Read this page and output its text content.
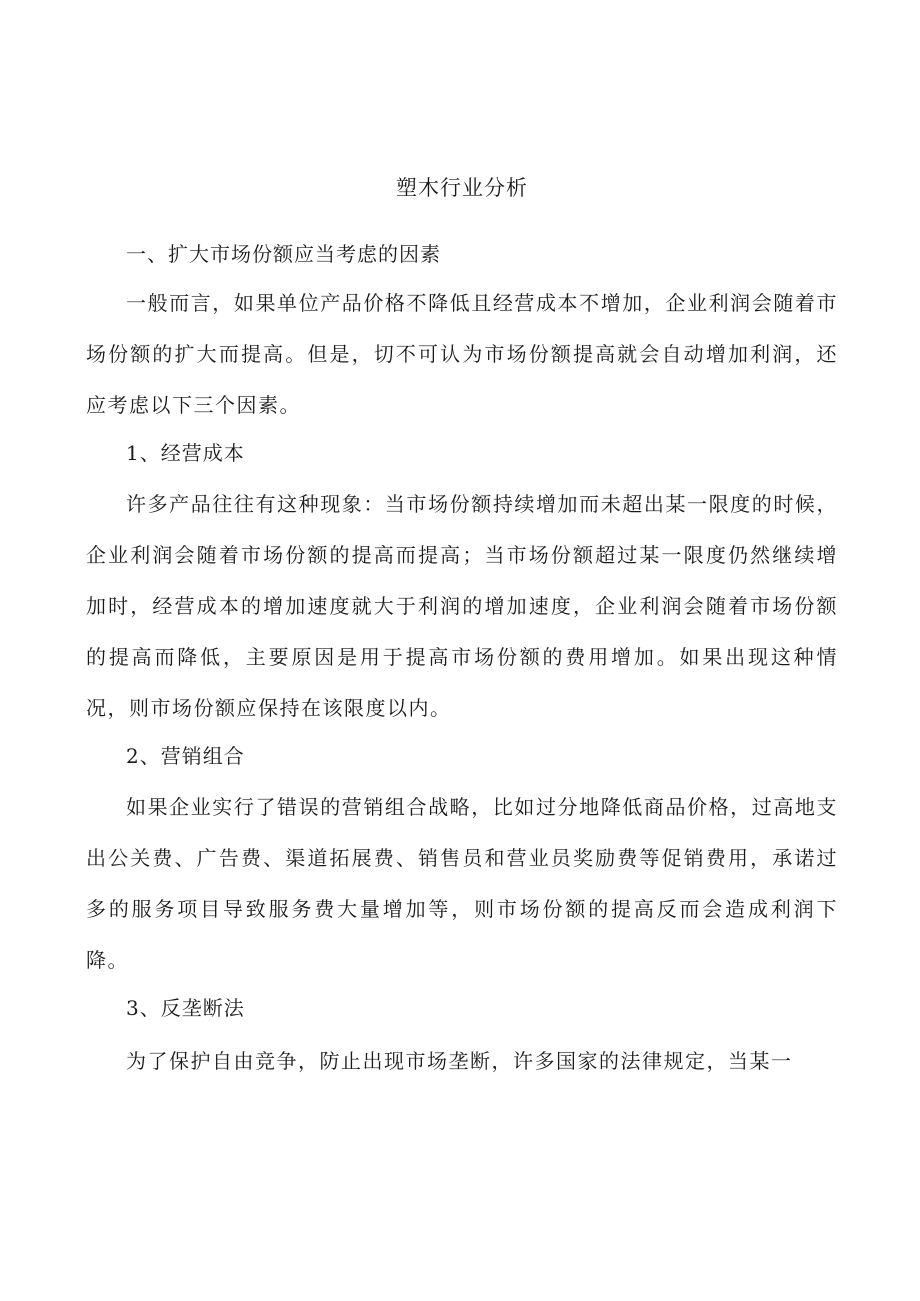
塑木行业分析

一、扩大市场份额应当考虑的因素

一般而言，如果单位产品价格不降低且经营成本不增加，企业利润会随着市场份额的扩大而提高。但是，切不可认为市场份额提高就会自动增加利润，还应考虑以下三个因素。

1、经营成本

许多产品往往有这种现象：当市场份额持续增加而未超出某一限度的时候，企业利润会随着市场份额的提高而提高；当市场份额超过某一限度仍然继续增加时，经营成本的增加速度就大于利润的增加速度，企业利润会随着市场份额的提高而降低，主要原因是用于提高市场份额的费用增加。如果出现这种情况，则市场份额应保持在该限度以内。

2、营销组合

如果企业实行了错误的营销组合战略，比如过分地降低商品价格，过高地支出公关费、广告费、渠道拓展费、销售员和营业员奖励费等促销费用，承诺过多的服务项目导致服务费大量增加等，则市场份额的提高反而会造成利润下降。

3、反垄断法

为了保护自由竞争，防止出现市场垄断，许多国家的法律规定，当某一
